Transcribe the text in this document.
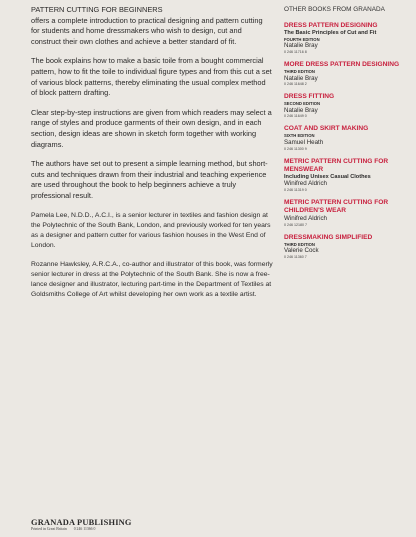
PATTERN CUTTING FOR BEGINNERS

offers a complete introduction to practical designing and pattern cutting for students and home dressmakers who wish to design, cut and construct their own clothes and achieve a better standard of fit.

The book explains how to make a basic toile from a bought commercial pattern, how to fit the toile to individual figure types and from this cut a set of various block patterns, thereby eliminating the usual complex method of block pattern drafting.

Clear step-by-step instructions are given from which readers may select a range of styles and produce garments of their own design, and in each section, design ideas are shown in sketch form together with working diagrams.

The authors have set out to present a simple learning method, but short-cuts and techniques drawn from their industrial and teaching experience are used throughout the book to help beginners achieve a truly professional result.

Pamela Lee, N.D.D., A.C.I., is a senior lecturer in textiles and fashion design at the Polytechnic of the South Bank, London, and previously worked for ten years as a designer and pattern cutter for various fashion houses in the West End of London.

Rozanne Hawksley, A.R.C.A., co-author and illustrator of this book, was formerly senior lecturer in dress at the Polytechnic of the South Bank. She is now a free-lance designer and illustrator, lecturing part-time in the Department of Textiles at Goldsmiths College of Art whilst developing her own work as a textile artist.

OTHER BOOKS FROM GRANADA
DRESS PATTERN DESIGNING
The Basic Principles of Cut and Fit
FOURTH EDITION
Natalie Bray
0 246 11716 8
MORE DRESS PATTERN DESIGNING
THIRD EDITION
Natalie Bray
0 246 11648 2
DRESS FITTING
SECOND EDITION
Natalie Bray
0 246 11649 0
COAT AND SKIRT MAKING
SIXTH EDITION
Samuel Heath
0 246 11300 9
METRIC PATTERN CUTTING FOR MENSWEAR
Including Unisex Casual Clothes
Winifred Aldrich
0 246 11319 0
METRIC PATTERN CUTTING FOR CHILDREN'S WEAR
Winifred Aldrich
0 246 12180 7
DRESSMAKING SIMPLIFIED
THIRD EDITION
Valerie Cock
0 246 11360 7
GRANADA PUBLISHING
Printed in Great Britain 0 246 11366 0
